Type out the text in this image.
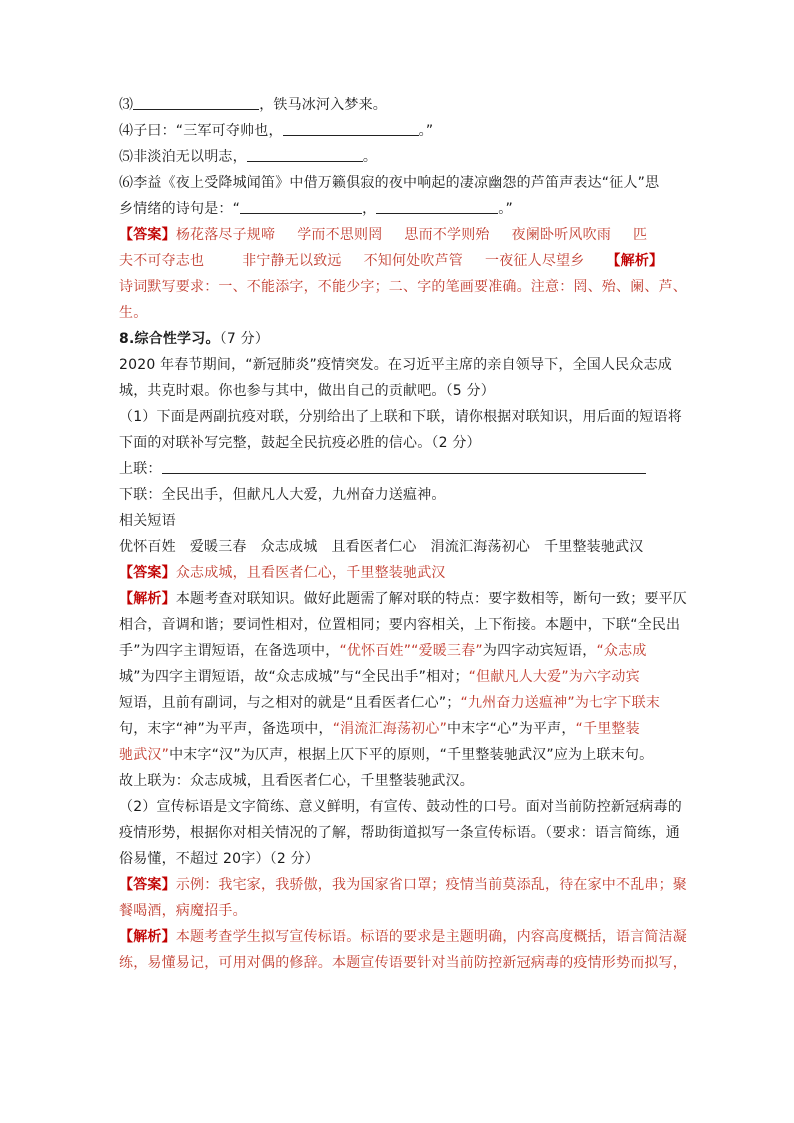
⑶	，铁马冰河入梦来。
⑷子曰：“三军可夺帅也，	。”
⑸非淡泊无以明志，	。
⑹李益《夜上受降城闻笛》中借万籁俱寂的夜中响起的凄凉幽怨的芦笛声表达“征人”思
乡情绪的诗句是：“	，	。”
【答案】杨花落尽子规啼 学而不思则罔 思而不学则殆 夜阑卧听风吹雨 匹
夫不可夺志也	非宁静无以致远 不知何处吹芦管 一夜征人尽望乡 【解析】
诗词默写要求：一、不能添字，不能少字；二、字的笔画要准确。注意：罔、殆、阑、芦、
生。
8.综合性学习。（7 分）
2020 年春节期间，“新冠肺炎”疫情突发。在习近平主席的亲自领导下，全国人民众志成
城，共克时艰。你也参与其中，做出自己的贡献吧。（5 分）
（1）下面是两副抗疫对联，分别给出了上联和下联，请你根据对联知识，用后面的短语将
下面的对联补写完整，鼓起全民抗疫必胜的信心。（2 分）
上联：
下联：全民出手，但献凡人大爱，九州奋力送瘟神。
相关短语
优怀百姓 爱暖三春 众志成城 且看医者仁心 涓流汇海荡初心 千里整装驰武汉
【答案】众志成城，且看医者仁心，千里整装驰武汉
【解析】本题考查对联知识。做好此题需了解对联的特点：要字数相等，断句一致；要平仄
相合，音调和谐；要词性相对，位置相同；要内容相关，上下衔接。本题中，下联“全民出
手”为四字主谓短语，在备选项中，“优怀百姓”“爱暖三春”为四字动宾短语，“众志成
城”为四字主谓短语，故“众志成城”与“全民出手”相对；“但献凡人大爱”为六字动宾
短语，且前有副词，与之相对的就是“且看医者仁心”；“九州奋力送瘟神”为七字下联末
句，末字“神”为平声，备选项中，“涓流汇海荡初心”中末字“心”为平声，“千里整装
驰武汉”中末字“汉”为仄声，根据上仄下平的原则，“千里整装驰武汉”应为上联末句。
故上联为：众志成城，且看医者仁心，千里整装驰武汉。
（2）宣传标语是文字简练、意义鲜明，有宣传、鼓动性的口号。面对当前防控新冠病毒的
疫情形势，根据你对相关情况的了解，帮助街道拟写一条宣传标语。（要求：语言简练，通
俗易懂，不超过 20字）（2 分）
【答案】示例：我宅家，我骄傲，我为国家省口罩；疫情当前莫添乱，待在家中不乱串；聚
餐喝酒，病魔招手。
【解析】本题考查学生拟写宣传标语。标语的要求是主题明确，内容高度概括，语言简洁凝
练，易懂易记，可用对偶的修辞。本题宣传语要针对当前防控新冠病毒的疫情形势而拟写，
